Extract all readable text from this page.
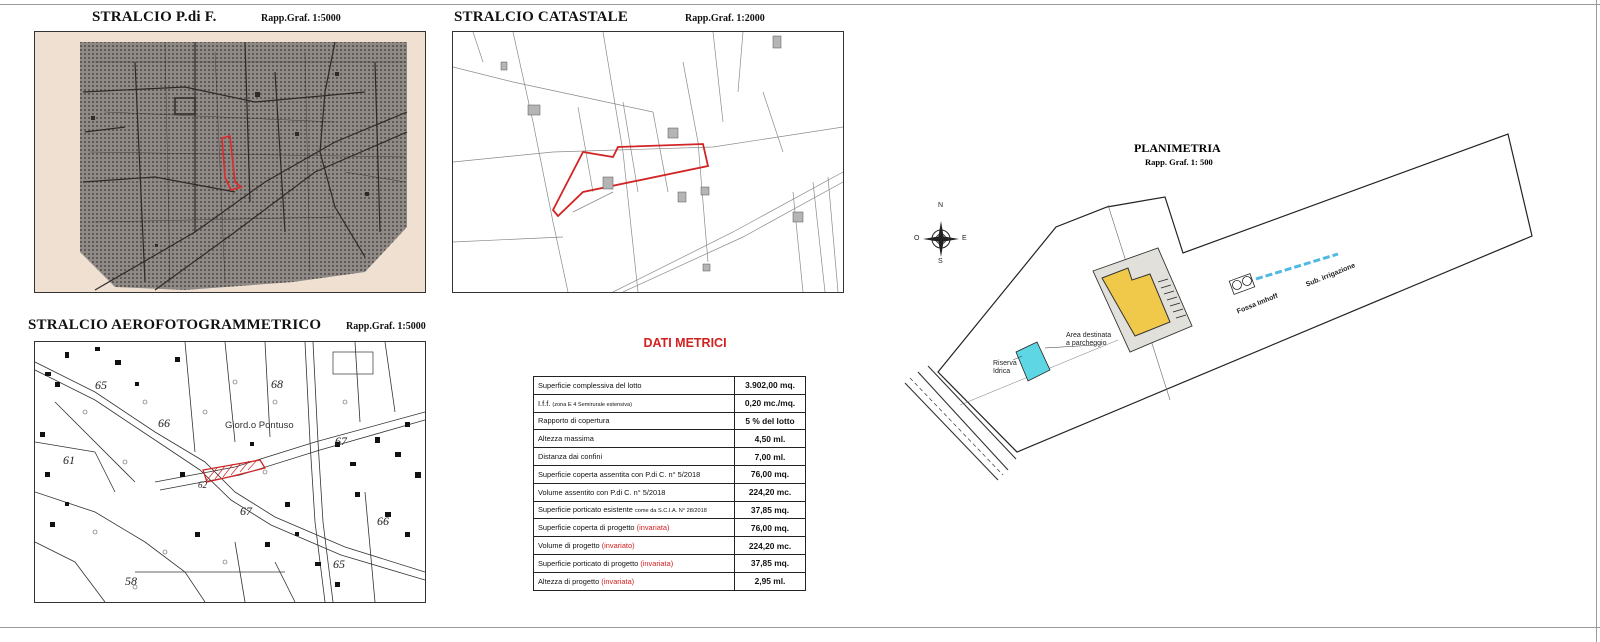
STRALCIO P.di F.	Rapp.Graf. 1:5000	STRALCIO CATASTALE	Rapp.Graf. 1:2000
STRALCIO AEROFOTOGRAMMETRICO Rapp.Graf. 1:5000
Giord.o Pontuso
61
65
66
68
67
67
66
58
65
62
DATI METRICI
Superficie complessiva del lotto	3.902,00 mq.
I.f.f. (zona E 4 Semirurale estensiva)	0,20 mc./mq.
Rapporto di copertura	5 % del lotto
Altezza massima	4,50 ml.
Distanza dai confini	7,00 ml.
Superficie coperta assentita con P.di C. n° 5/2018	76,00 mq.
Volume assentito con P.di C. n° 5/2018	224,20 mc.
Superficie porticato esistente come da S.C.I.A. N° 28/2018	37,85 mq.
Superficie coperta di progetto (invariata)	76,00 mq.
Volume di progetto (invariato)	224,20 mc.
Superficie porticato di progetto (invariata)	37,85 mq.
Altezza di progetto (invariata)	2,95 ml.
PLANIMETRIA
Rapp. Graf. 1: 500
N
S
E
O
Riserva
Idrica
Area destinata
a parcheggio
Fossa Imhoff
Sub. irrigazione
